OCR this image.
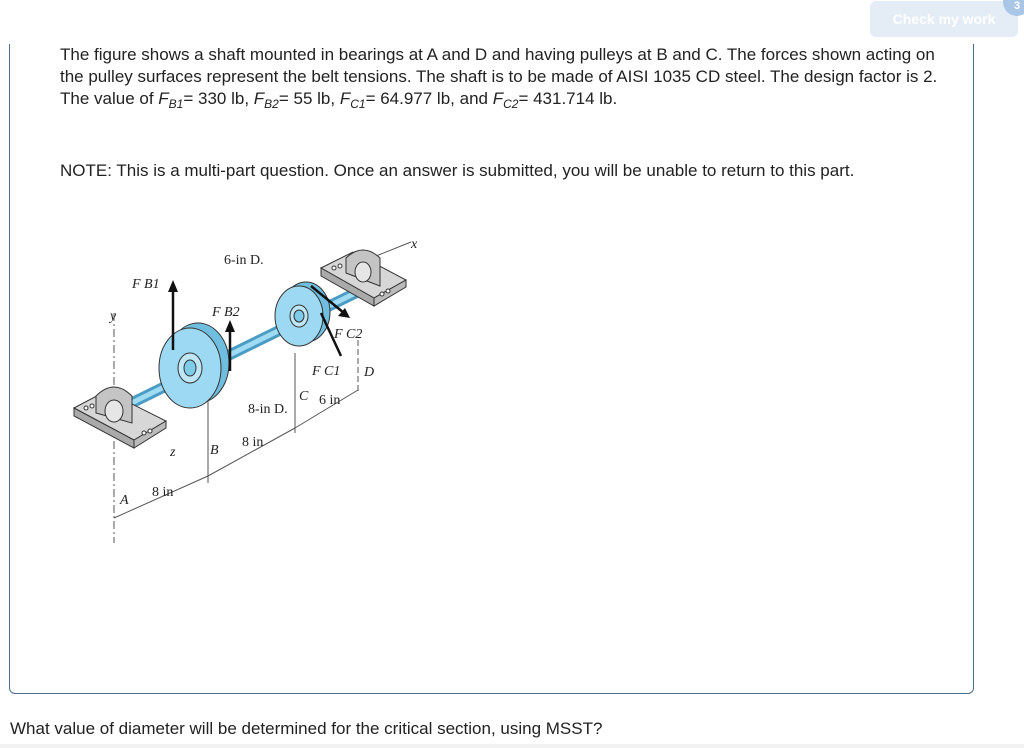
Check my work
3

The figure shows a shaft mounted in bearings at A and D and having pulleys at B and C. The forces shown acting on the pulley surfaces represent the belt tensions. The shaft is to be made of AISI 1035 CD steel. The design factor is 2.

The value of $F_{B1}= 330$ lb, $F_{B2}= 55$ lb, $F_{C1}= 64.977$ lb, and $F_{C2}= 431.714$ lb.

NOTE: This is a multi-part question. Once an answer is submitted, you will be unable to return to this part.
F B1
F B2
F C2
F C1
6-in D.
8-in D.
8 in
8 in
6 in
x
y
z
A
B
C
D
What value of diameter will be determined for the critical section, using MSST?
